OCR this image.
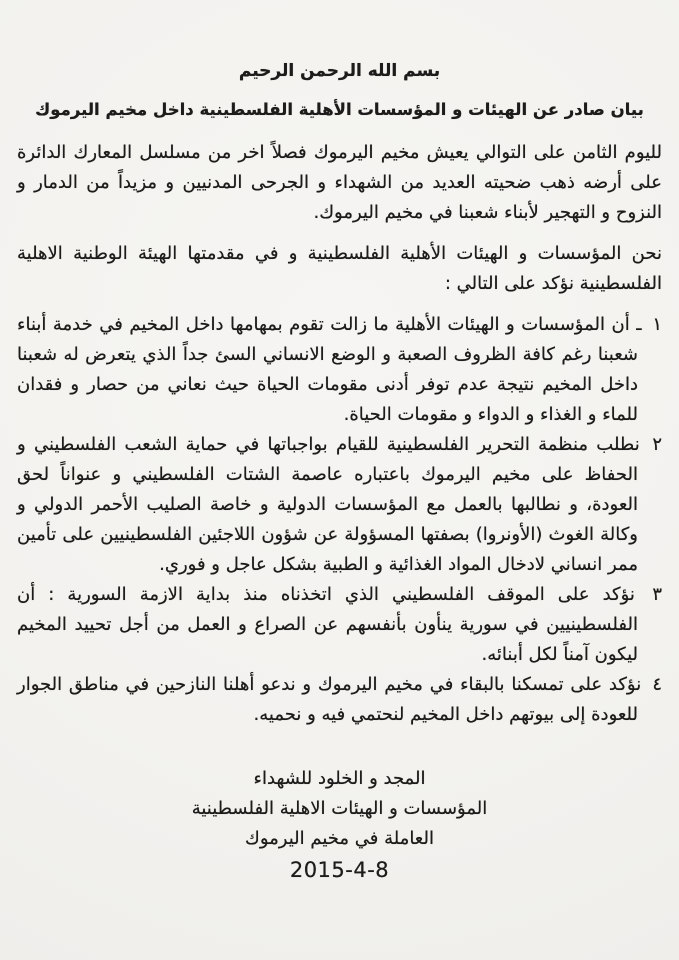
بسم الله الرحمن الرحيم
بيان صادر عن الهيئات و المؤسسات الأهلية الفلسطينية داخل مخيم اليرموك

لليوم الثامن على التوالي يعيش مخيم اليرموك فصلاً اخر من مسلسل المعارك الدائرة على أرضه ذهب ضحيته العديد من الشهداء و الجرحى المدنيين و مزيداً من الدمار و النزوح و التهجير لأبناء شعبنا في مخيم اليرموك.

نحن المؤسسات و الهيئات الأهلية الفلسطينية و في مقدمتها الهيئة الوطنية الاهلية الفلسطينية نؤكد على التالي :

١ ـ أن المؤسسات و الهيئات الأهلية ما زالت تقوم بمهامها داخل المخيم في خدمة أبناء شعبنا رغم كافة الظروف الصعبة و الوضع الانساني السئ جداً الذي يتعرض له شعبنا داخل المخيم نتيجة عدم توفر أدنى مقومات الحياة حيث نعاني من حصار و فقدان للماء و الغذاء و الدواء و مقومات الحياة.

٢ نطلب منظمة التحرير الفلسطينية للقيام بواجباتها في حماية الشعب الفلسطيني و الحفاظ على مخيم اليرموك باعتباره عاصمة الشتات الفلسطيني و عنواناً لحق العودة، و نطالبها بالعمل مع المؤسسات الدولية و خاصة الصليب الأحمر الدولي و وكالة الغوث (الأونروا) بصفتها المسؤولة عن شؤون اللاجئين الفلسطينيين على تأمين ممر انساني لادخال المواد الغذائية و الطبية بشكل عاجل و فوري.

٣ نؤكد على الموقف الفلسطيني الذي اتخذناه منذ بداية الازمة السورية : أن الفلسطينيين في سورية ينأون بأنفسهم عن الصراع و العمل من أجل تحييد المخيم ليكون آمناً لكل أبنائه.

٤ نؤكد على تمسكنا بالبقاء في مخيم اليرموك و ندعو أهلنا النازحين في مناطق الجوار للعودة إلى بيوتهم داخل المخيم لنحتمي فيه و نحميه.

المجد و الخلود للشهداء
المؤسسات و الهيئات الاهلية الفلسطينية
العاملة في مخيم اليرموك
2015-4-8
